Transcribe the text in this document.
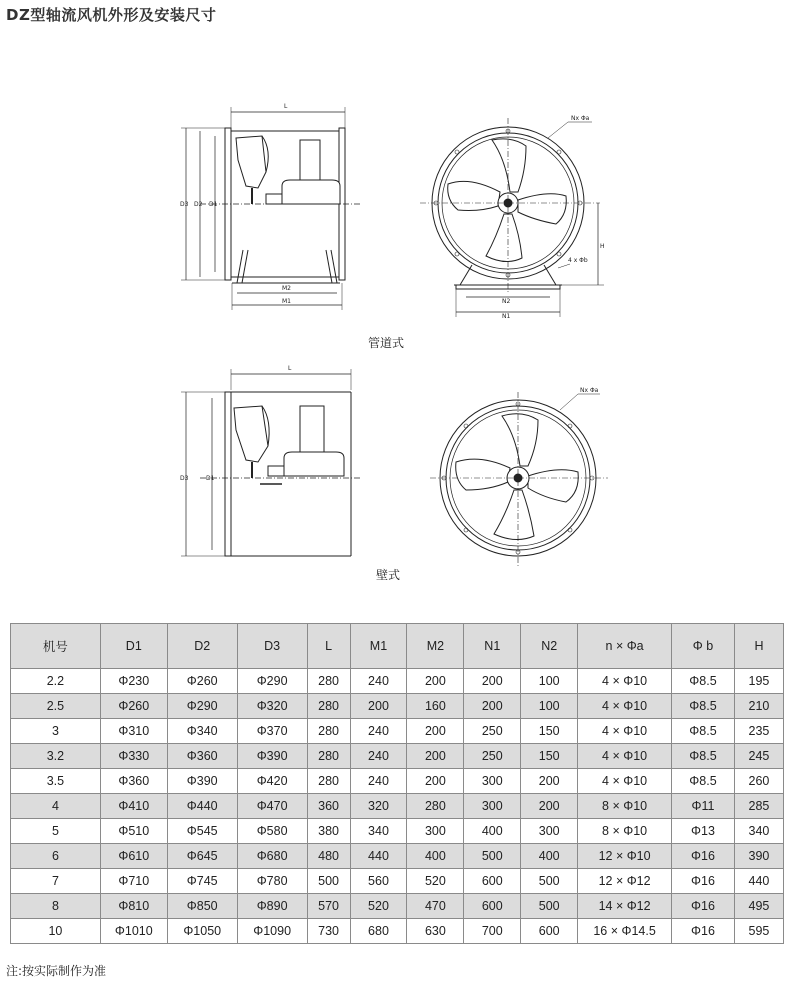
DZ型轴流风机外形及安装尺寸
L
D3 D2 D1
M2
M1
H
N2
N1
Nx Φa
4 x Φb
L
D3	D1
Nx Φa
管道式
壁式
机号	D1	D2	D3	L	M1	M2	N1	N2	n × Φa	Φ b	H
2.2	Φ230	Φ260	Φ290	280	240	200	200	100	4 × Φ10	Φ8.5	195
2.5	Φ260	Φ290	Φ320	280	200	160	200	100	4 × Φ10	Φ8.5	210
3	Φ310	Φ340	Φ370	280	240	200	250	150	4 × Φ10	Φ8.5	235
3.2	Φ330	Φ360	Φ390	280	240	200	250	150	4 × Φ10	Φ8.5	245
3.5	Φ360	Φ390	Φ420	280	240	200	300	200	4 × Φ10	Φ8.5	260
4	Φ410	Φ440	Φ470	360	320	280	300	200	8 × Φ10	Φ11	285
5	Φ510	Φ545	Φ580	380	340	300	400	300	8 × Φ10	Φ13	340
6	Φ610	Φ645	Φ680	480	440	400	500	400	12 × Φ10	Φ16	390
7	Φ710	Φ745	Φ780	500	560	520	600	500	12 × Φ12	Φ16	440
8	Φ810	Φ850	Φ890	570	520	470	600	500	14 × Φ12	Φ16	495
10	Φ1010	Φ1050	Φ1090	730	680	630	700	600	16 × Φ14.5	Φ16	595
注:按实际制作为准
